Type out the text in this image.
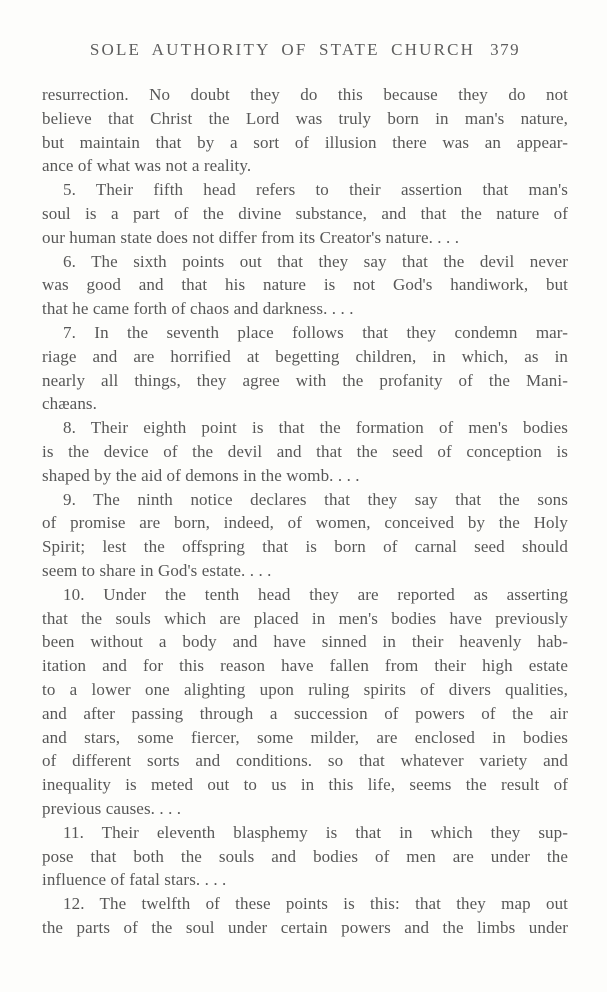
SOLE AUTHORITY OF STATE CHURCH 379

resurrection. No doubt they do this because they do not
believe that Christ the Lord was truly born in man's nature,
but maintain that by a sort of illusion there was an appear-
ance of what was not a reality.

5. Their fifth head refers to their assertion that man's
soul is a part of the divine substance, and that the nature of
our human state does not differ from its Creator's nature. . . .

6. The sixth points out that they say that the devil never
was good and that his nature is not God's handiwork, but
that he came forth of chaos and darkness. . . .

7. In the seventh place follows that they condemn mar-
riage and are horrified at begetting children, in which, as in
nearly all things, they agree with the profanity of the Mani-
chæans.

8. Their eighth point is that the formation of men's bodies
is the device of the devil and that the seed of conception is
shaped by the aid of demons in the womb. . . .

9. The ninth notice declares that they say that the sons
of promise are born, indeed, of women, conceived by the Holy
Spirit; lest the offspring that is born of carnal seed should
seem to share in God's estate. . . .

10. Under the tenth head they are reported as asserting
that the souls which are placed in men's bodies have previously
been without a body and have sinned in their heavenly hab-
itation and for this reason have fallen from their high estate
to a lower one alighting upon ruling spirits of divers qualities,
and after passing through a succession of powers of the air
and stars, some fiercer, some milder, are enclosed in bodies
of different sorts and conditions. so that whatever variety and
inequality is meted out to us in this life, seems the result of
previous causes. . . .

11. Their eleventh blasphemy is that in which they sup-
pose that both the souls and bodies of men are under the
influence of fatal stars. . . .

12. The twelfth of these points is this: that they map out
the parts of the soul under certain powers and the limbs under
